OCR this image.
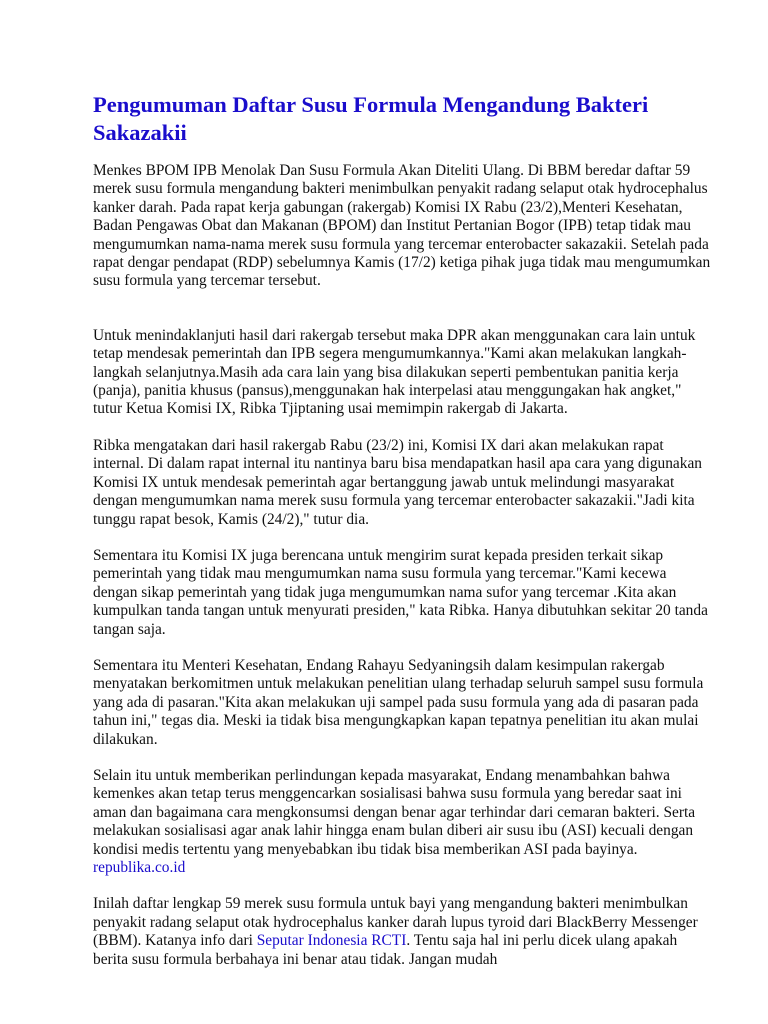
Pengumuman Daftar Susu Formula Mengandung Bakteri Sakazakii

Menkes BPOM IPB Menolak Dan Susu Formula Akan Diteliti Ulang. Di BBM beredar daftar 59 merek susu formula mengandung bakteri menimbulkan penyakit radang selaput otak hydrocephalus kanker darah. Pada rapat kerja gabungan (rakergab) Komisi IX Rabu (23/2),Menteri Kesehatan, Badan Pengawas Obat dan Makanan (BPOM) dan Institut Pertanian Bogor (IPB) tetap tidak mau mengumumkan nama-nama merek susu formula yang tercemar enterobacter sakazakii. Setelah pada rapat dengar pendapat (RDP) sebelumnya Kamis (17/2) ketiga pihak juga tidak mau mengumumkan susu formula yang tercemar tersebut.

Untuk menindaklanjuti hasil dari rakergab tersebut maka DPR akan menggunakan cara lain untuk tetap mendesak pemerintah dan IPB segera mengumumkannya."Kami akan melakukan langkah-langkah selanjutnya.Masih ada cara lain yang bisa dilakukan seperti pembentukan panitia kerja (panja), panitia khusus (pansus),menggunakan hak interpelasi atau menggungakan hak angket," tutur Ketua Komisi IX, Ribka Tjiptaning usai memimpin rakergab di Jakarta.

Ribka mengatakan dari hasil rakergab Rabu (23/2) ini, Komisi IX dari akan melakukan rapat internal. Di dalam rapat internal itu nantinya baru bisa mendapatkan hasil apa cara yang digunakan Komisi IX untuk mendesak pemerintah agar bertanggung jawab untuk melindungi masyarakat dengan mengumumkan nama merek susu formula yang tercemar enterobacter sakazakii."Jadi kita tunggu rapat besok, Kamis (24/2)," tutur dia.

Sementara itu Komisi IX juga berencana untuk mengirim surat kepada presiden terkait sikap pemerintah yang tidak mau mengumumkan nama susu formula yang tercemar."Kami kecewa dengan sikap pemerintah yang tidak juga mengumumkan nama sufor yang tercemar .Kita akan kumpulkan tanda tangan untuk menyurati presiden," kata Ribka. Hanya dibutuhkan sekitar 20 tanda tangan saja.

Sementara itu Menteri Kesehatan, Endang Rahayu Sedyaningsih dalam kesimpulan rakergab menyatakan berkomitmen untuk melakukan penelitian ulang terhadap seluruh sampel susu formula yang ada di pasaran."Kita akan melakukan uji sampel pada susu formula yang ada di pasaran pada tahun ini," tegas dia. Meski ia tidak bisa mengungkapkan kapan tepatnya penelitian itu akan mulai dilakukan.

Selain itu untuk memberikan perlindungan kepada masyarakat, Endang menambahkan bahwa kemenkes akan tetap terus menggencarkan sosialisasi bahwa susu formula yang beredar saat ini aman dan bagaimana cara mengkonsumsi dengan benar agar terhindar dari cemaran bakteri. Serta melakukan sosialisasi agar anak lahir hingga enam bulan diberi air susu ibu (ASI) kecuali dengan kondisi medis tertentu yang menyebabkan ibu tidak bisa memberikan ASI pada bayinya. republika.co.id

Inilah daftar lengkap 59 merek susu formula untuk bayi yang mengandung bakteri menimbulkan penyakit radang selaput otak hydrocephalus kanker darah lupus tyroid dari BlackBerry Messenger (BBM). Katanya info dari Seputar Indonesia RCTI. Tentu saja hal ini perlu dicek ulang apakah berita susu formula berbahaya ini benar atau tidak. Jangan mudah
